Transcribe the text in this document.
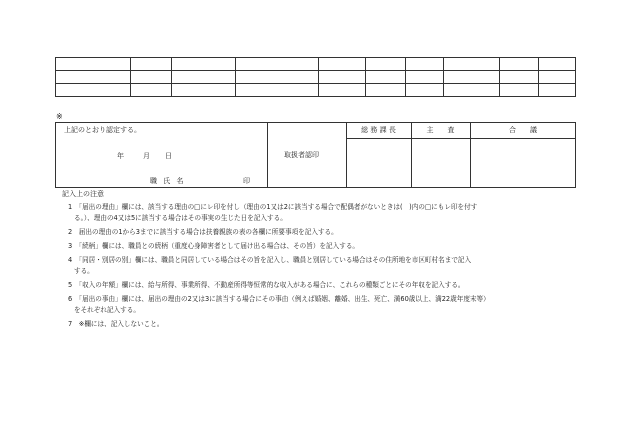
※
上記のとおり認定する。
年	月 日
職 氏 名	印
取扱者認印
総 務 課 長	主　　査	合　　議
記入上の注意
1　「届出の理由」欄には、該当する理由の□にレ印を付し（理由の1又は2に該当する場合で配偶者がないときは(　)内の□にもレ印を付す
る。）、理由の4又は5に該当する場合はその事実の生じた日を記入する。
2　届出の理由の1から3までに該当する場合は扶養親族の表の各欄に所要事項を記入する。
3　「続柄」欄には、職員との続柄（重度心身障害者として届け出る場合は、その旨）を記入する。
4　「同居・別居の別」欄には、職員と同居している場合はその旨を記入し、職員と別居している場合はその住所地を市区町村名まで記入
する。
5　「収入の年額」欄には、給与所得、事業所得、不動産所得等恒常的な収入がある場合に、これらの種類ごとにその年収を記入する。
6　「届出の事由」欄には、届出の理由の2又は3に該当する場合にその事由（例えば婚姻、離婚、出生、死亡、満60歳以上、満22歳年度末等）
をそれぞれ記入する。
7　※欄には、記入しないこと。
